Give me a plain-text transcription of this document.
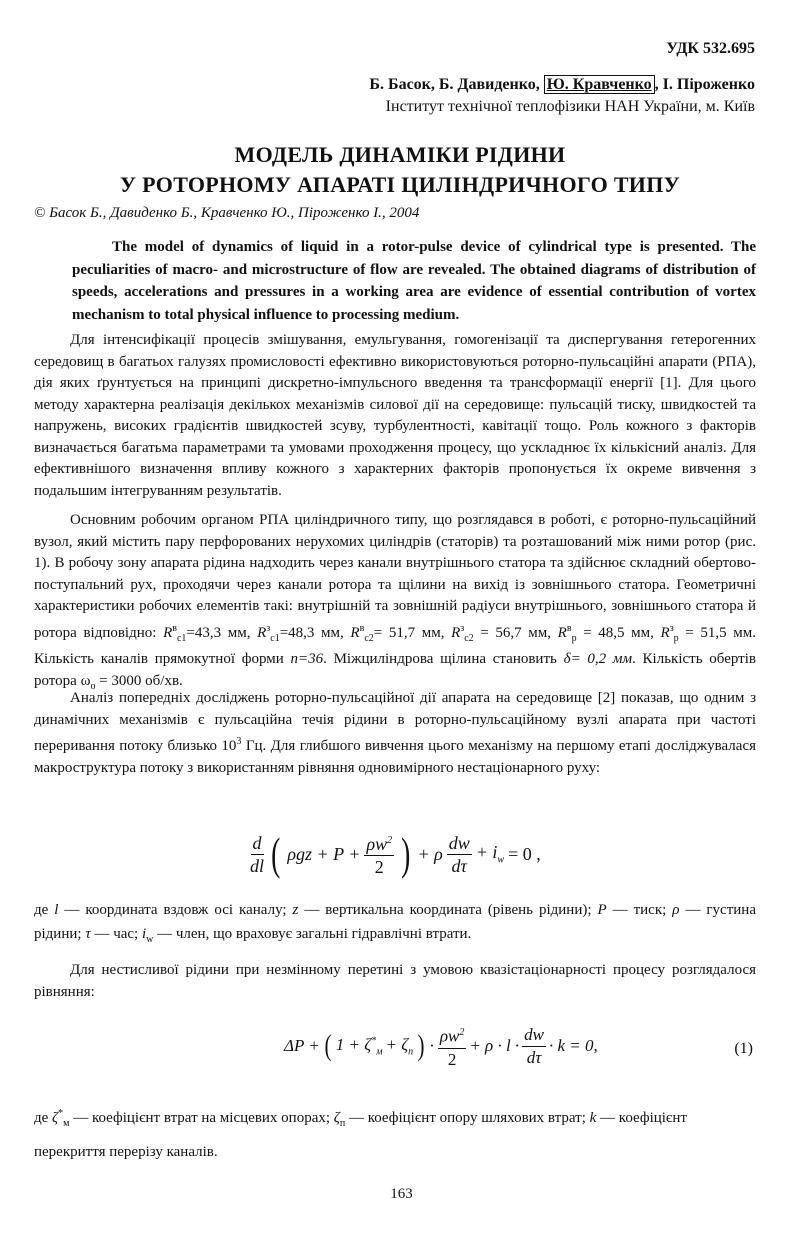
УДК 532.695
Б. Басок, Б. Давиденко, Ю. Кравченко , І. Піроженко
Інститут технічної теплофізики НАН України, м. Київ
МОДЕЛЬ ДИНАМІКИ РІДИНИ
У РОТОРНОМУ АПАРАТІ ЦИЛІНДРИЧНОГО ТИПУ
© Басок Б., Давиденко Б., Кравченко Ю., Піроженко І., 2004
The model of dynamics of liquid in a rotor-pulse device of cylindrical type is presented. The peculiarities of macro- and microstructure of flow are revealed. The obtained diagrams of distribution of speeds, accelerations and pressures in a working area are evidence of essential contribution of vortex mechanism to total physical influence to processing medium.

Для інтенсифікації процесів змішування, емульгування, гомогенізації та диспергування гетерогенних середовищ в багатьох галузях промисловості ефективно використовуються роторно-пульсаційні апарати (РПА), дія яких ґрунтується на принципі дискретно-імпульсного введення та трансформації енергії [1]. Для цього методу характерна реалізація декількох механізмів силової дії на середовище: пульсацій тиску, швидкостей та напружень, високих градієнтів швидкостей зсуву, турбулентності, кавітації тощо. Роль кожного з факторів визначається багатьма параметрами та умовами проходження процесу, що ускладнює їх кількісний аналіз. Для ефективнішого визначення впливу кожного з характерних факторів пропонується їх окреме вивчення з подальшим інтегруванням результатів.

Основним робочим органом РПА циліндричного типу, що розглядався в роботі, є роторно-пульсаційний вузол, який містить пару перфорованих нерухомих циліндрів (статорів) та розташований між ними ротор (рис. 1). В робочу зону апарата рідина надходить через канали внутрішнього статора та здійснює складний обертово-поступальний рух, проходячи через канали ротора та щілини на вихід із зовнішнього статора. Геометричні характеристики робочих елементів такі: внутрішній та зовнішній радіуси внутрішнього, зовнішнього статора й ротора відповідно: $R^в_{с1}=43,3$ мм, $R^з_{с1}=48,3$ мм, $R^в_{с2}= 51,7$ мм, $R^з_{с2} = 56,7$ мм, $R^в_р = 48,5$ мм, $R^з_р = 51,5$ мм. Кількість каналів прямокутної форми n=36. Міжциліндрова щілина становить δ= 0,2 мм. Кількість обертів ротора $\omega_о = 3000$ об/хв.

Аналіз попередніх досліджень роторно-пульсаційної дії апарата на середовище [2] показав, що одним з динамічних механізмів є пульсаційна течія рідини в роторно-пульсаційному вузлі апарата при частоті переривання потоку близько $10^3$ Гц. Для глибшого вивчення цього механізму на першому етапі досліджувалася макроструктура потоку з використанням рівняння одновимірного нестаціонарного руху:

$\frac{d}{dl}$ ( $\rho gz + P + \frac{\rho w^2}{2}$ ) + ρ $\frac{dw}{d\tau} + i_w = 0$ ,
де l — координата вздовж осі каналу; z — вертикальна координата (рівень рідини); P — тиск; ρ — густина рідини; τ — час; $i_w$ — член, що враховує загальні гідравлічні втрати.

Для нестисливої рідини при незмінному перетині з умовою квазістаціонарності процесу розглядалося рівняння:

ΔP + ( $1 + \zeta^*_м + \zeta_п$ ) · $\frac{\rho w^2}{2} + \rho \cdot l \cdot \frac{dw}{d\tau} \cdot k = 0$,	(1)
де $\zeta^*_м$ — коефіцієнт втрат на місцевих опорах; $\zeta_п$ — коефіцієнт опору шляхових втрат; k — коефіцієнт перекриття перерізу каналів.
163
